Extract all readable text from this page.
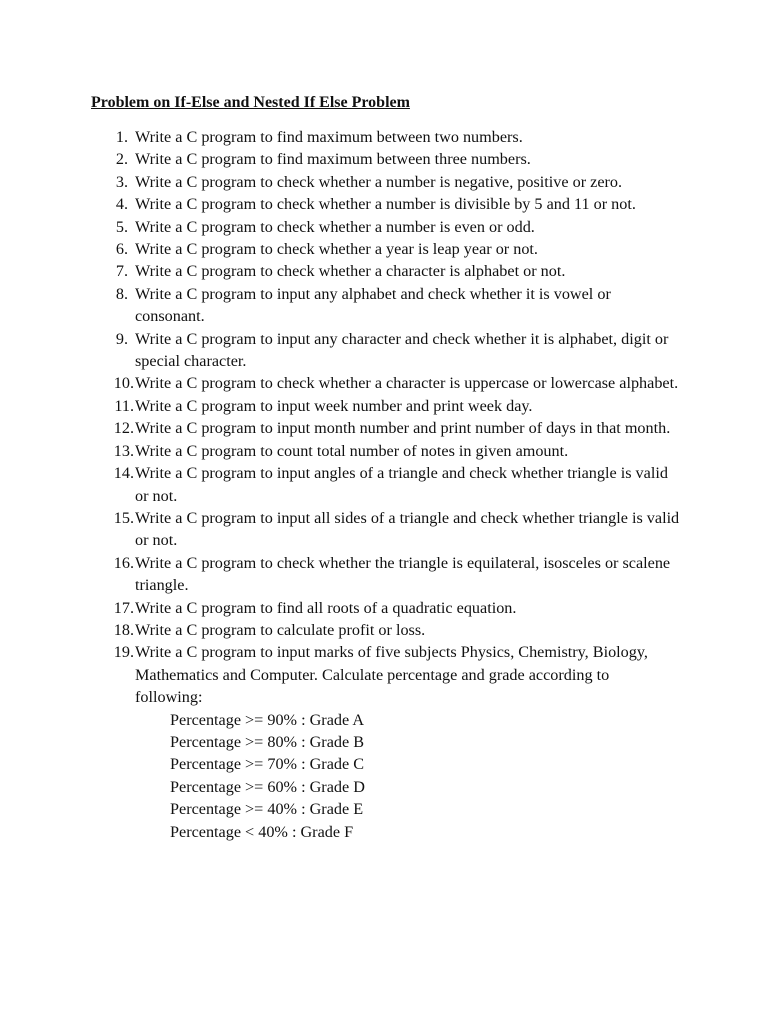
Problem on If-Else and Nested If Else Problem
1. Write a C program to find maximum between two numbers.
2. Write a C program to find maximum between three numbers.
3. Write a C program to check whether a number is negative, positive or zero.
4. Write a C program to check whether a number is divisible by 5 and 11 or not.
5. Write a C program to check whether a number is even or odd.
6. Write a C program to check whether a year is leap year or not.
7. Write a C program to check whether a character is alphabet or not.
8. Write a C program to input any alphabet and check whether it is vowel or consonant.
9. Write a C program to input any character and check whether it is alphabet, digit or special character.
10. Write a C program to check whether a character is uppercase or lowercase alphabet.
11. Write a C program to input week number and print week day.
12. Write a C program to input month number and print number of days in that month.
13. Write a C program to count total number of notes in given amount.
14. Write a C program to input angles of a triangle and check whether triangle is valid or not.
15. Write a C program to input all sides of a triangle and check whether triangle is valid or not.
16. Write a C program to check whether the triangle is equilateral, isosceles or scalene triangle.
17. Write a C program to find all roots of a quadratic equation.
18. Write a C program to calculate profit or loss.
19. Write a C program to input marks of five subjects Physics, Chemistry, Biology, Mathematics and Computer. Calculate percentage and grade according to following:
Percentage >= 90% : Grade A
Percentage >= 80% : Grade B
Percentage >= 70% : Grade C
Percentage >= 60% : Grade D
Percentage >= 40% : Grade E
Percentage < 40% : Grade F
